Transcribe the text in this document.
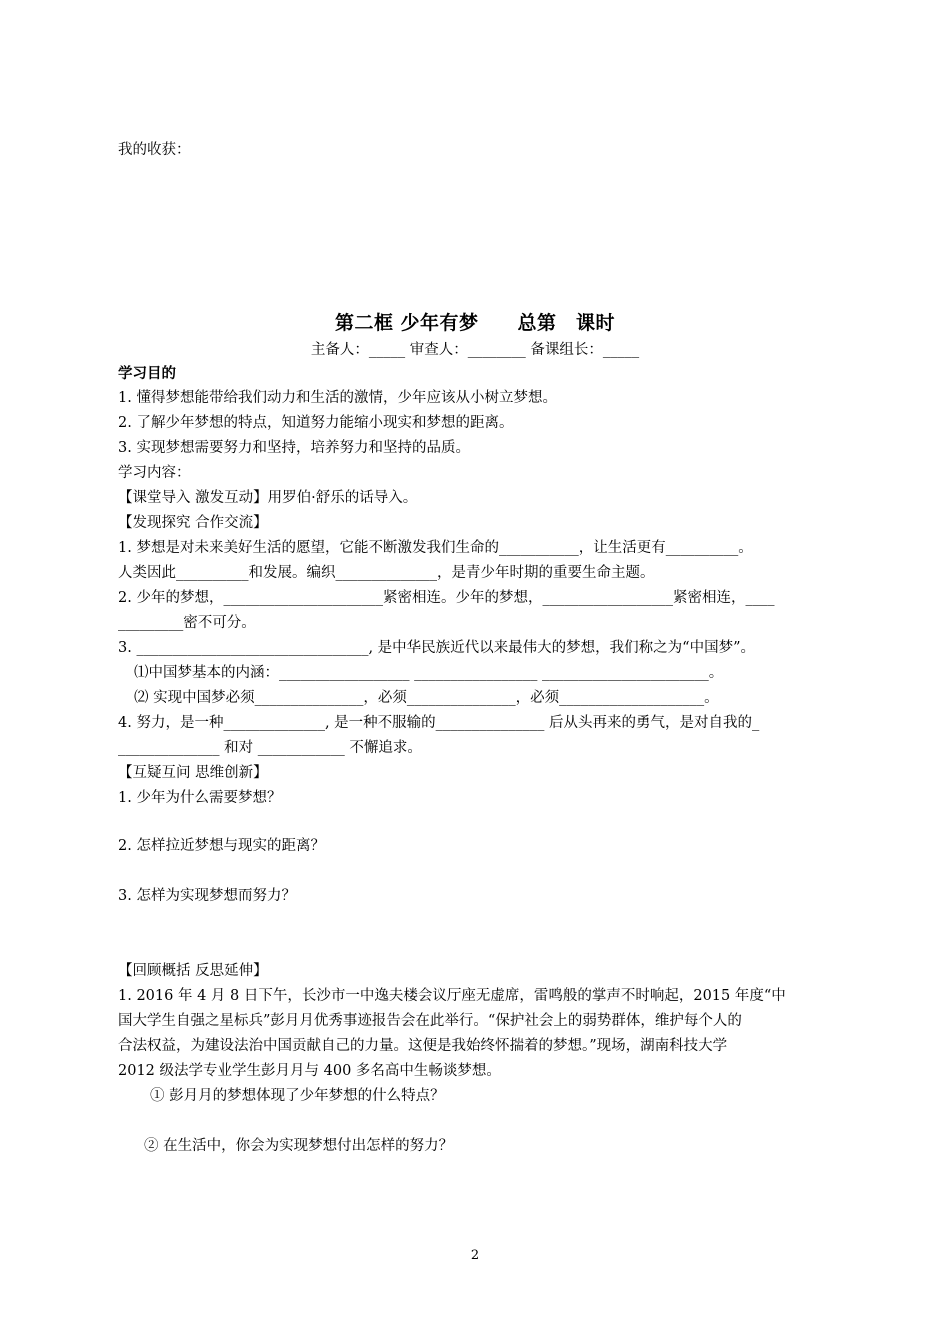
我的收获：
第二框 少年有梦　　总第　课时
主备人：_____ 审查人：________ 备课组长：_____
学习目的
1. 懂得梦想能带给我们动力和生活的激情，少年应该从小树立梦想。
2. 了解少年梦想的特点，知道努力能缩小现实和梦想的距离。
3. 实现梦想需要努力和坚持，培养努力和坚持的品质。
学习内容：
【课堂导入 激发互动】用罗伯·舒乐的话导入。
【发现探究 合作交流】
1. 梦想是对未来美好生活的愿望，它能不断激发我们生命的___________，让生活更有__________。
人类因此__________和发展。编织______________，是青少年时期的重要生命主题。
2. 少年的梦想，______________________紧密相连。少年的梦想，__________________紧密相连，____
_________密不可分。
3. ________________________________, 是中华民族近代以来最伟大的梦想，我们称之为“中国梦”。
⑴中国梦基本的内涵：__________________ _________________ _______________________。
⑵ 实现中国梦必须_______________，必须_______________，必须____________________。
4. 努力，是一种______________, 是一种不服输的_______________ 后从头再来的勇气，是对自我的_
______________ 和对 ____________ 不懈追求。
【互疑互问 思维创新】
1. 少年为什么需要梦想？
2. 怎样拉近梦想与现实的距离？
3. 怎样为实现梦想而努力？
【回顾概括 反思延伸】
1. 2016 年 4 月 8 日下午，长沙市一中逸夫楼会议厅座无虚席，雷鸣般的掌声不时响起，2015 年度“中
国大学生自强之星标兵”彭月月优秀事迹报告会在此举行。“保护社会上的弱势群体，维护每个人的
合法权益，为建设法治中国贡献自己的力量。这便是我始终怀揣着的梦想。”现场，湖南科技大学
2012 级法学专业学生彭月月与 400 多名高中生畅谈梦想。
① 彭月月的梦想体现了少年梦想的什么特点？
② 在生活中，你会为实现梦想付出怎样的努力？
2
